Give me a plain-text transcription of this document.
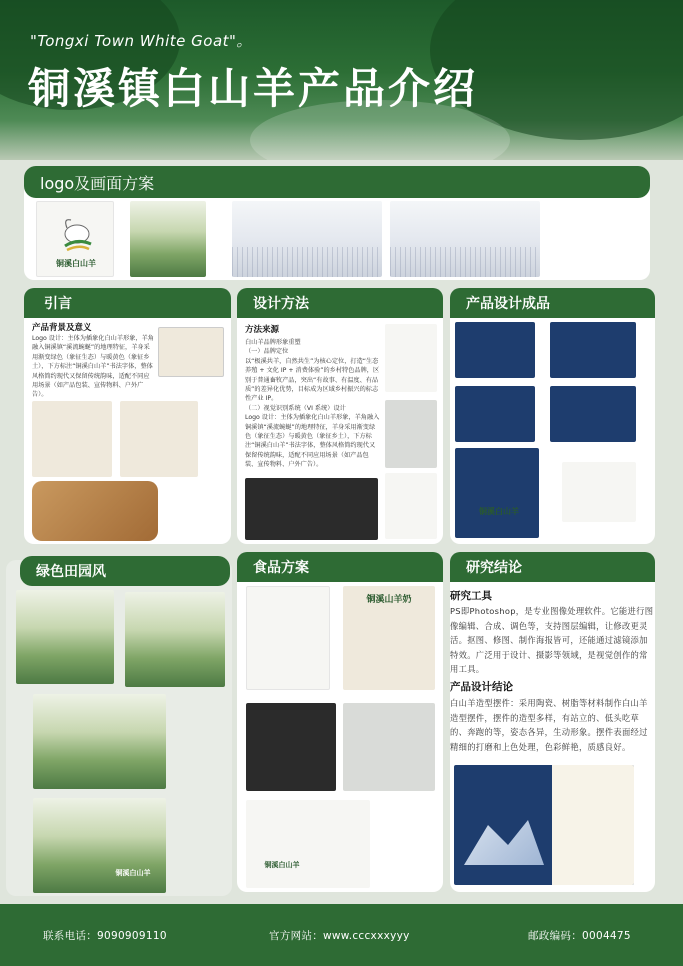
"Tongxi Town White Goat"。
铜溪镇白山羊产品介绍
logo及画面方案
铜溪白山羊
引言
产品背景及意义
Logo 设计：主体为插象化白山羊形象，羊角融入铜溪镇“溪流蜿蜒”的地理特征，羊身采用渐变绿色（象征生态）与暖黄色（象征乡土），下方标注“铜溪白山羊”书法字体，整体风格简约现代又保留传统韵味，适配不同应用场景（如产品包装、宣传物料、户外广告）。
设计方法
方法来源
白山羊品牌形象重塑
（一）品牌定位
以“极溪共羊，自然共生”为核心定位，打造“生态养殖 + 文化 IP + 消费体验”的乡村特色品牌，区别于普通畜牧产品，突出“有故事、有温度、有品质”的差异化优势，目标成为区域乡村振兴的标志性产业 IP。
（二）视觉识别系统（VI 系统）设计
Logo 设计：主体为插象化白山羊形象，羊角融入铜溪镇“溪流蜿蜒”的地理特征，羊身采用渐变绿色（象征生态）与暖黄色（象征乡土），下方标注“铜溪白山羊”书法字体，整体风格简约现代又保留传统韵味，适配不同应用场景（如产品包装、宣传物料、户外广告）。
产品设计成品
铜溪白山羊
绿色田园风
铜溪白山羊
食品方案
铜溪山羊奶
铜溪白山羊
研究结论
研究工具
PS即Photoshop，是专业图像处理软件。它能进行图像编辑、合成、调色等，支持图层编辑，让修改更灵活。抠图、修图、制作海报皆可，还能通过滤镜添加特效。广泛用于设计、摄影等领域，是视觉创作的常用工具。
产品设计结论
白山羊造型摆件：采用陶瓷、树脂等材料制作白山羊造型摆件，摆件的造型多样，有站立的、低头吃草的、奔跑的等，姿态各异，生动形象。摆件表面经过精细的打磨和上色处理，色彩鲜艳，质感良好。
联系电话：9090909110	官方网站：www.cccxxxyyy	邮政编码：0004475
